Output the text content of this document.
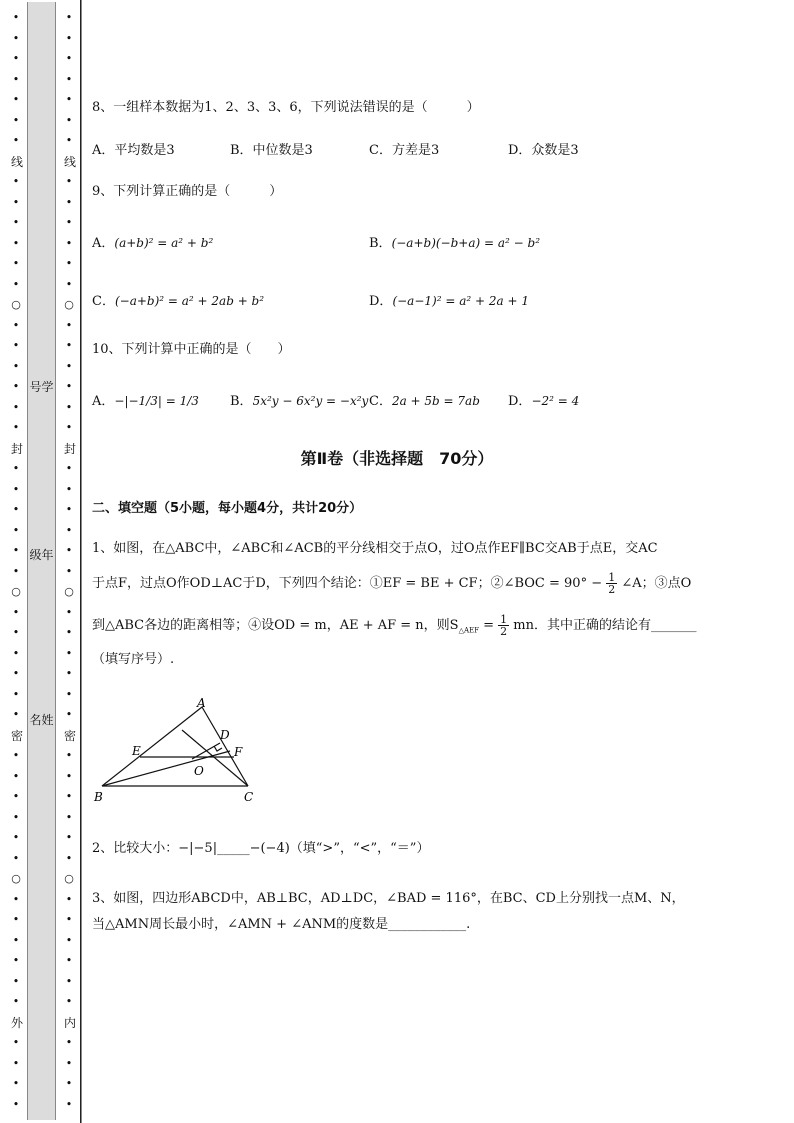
•
•
•
•
•
•
•
线
•
•
•
•
•
•
○
•
•
•
•
•
•
封
•
•
•
•
•
•
○
•
•
•
•
•
•
密
•
•
•
•
•
•
○
•
•
•
•
•
•
外
•
•
•
•
号学
级年
名姓
•
•
•
•
•
•
•
线
•
•
•
•
•
•
○
•
•
•
•
•
•
封
•
•
•
•
•
•
○
•
•
•
•
•
•
密
•
•
•
•
•
•
○
•
•
•
•
•
•
内
•
•
•
•
8、一组样本数据为1、2、3、3、6，下列说法错误的是（　　　）
A．平均数是3	B．中位数是3	C．方差是3	D．众数是3
9、下列计算正确的是（　　　）
A．(a+b)² = a² + b²	B．(−a+b)(−b+a) = a² − b²
C．(−a+b)² = a² + 2ab + b²	D．(−a−1)² = a² + 2a + 1
10、下列计算中正确的是（　　）
A．−|−1/3| = 1/3 B．5x²y − 6x²y = −x²y C．2a + 5b = 7ab D．−2² = 4
第Ⅱ卷（非选择题　70分）
二、填空题（5小题，每小题4分，共计20分）
1、如图，在△ABC中，∠ABC和∠ACB的平分线相交于点O，过O点作EF∥BC交AB于点E，交AC
于点F，过点O作OD⊥AC于D，下列四个结论：①EF = BE + CF；②∠BOC = $90^\circ - \frac{1}{2}$ ∠A；③点O
到△ABC各边的距离相等；④设OD = m，AE + AF = n，则$S_{\triangle AEF} = \frac{1}{2}$ mn．其中正确的结论有_______
（填写序号）.
A
B	C
D
E	F
O
2、比较大小：−|−5|_____−(−4)（填“>”，“<”，“＝”）
3、如图，四边形ABCD中，AB⊥BC，AD⊥DC，∠BAD = 116°，在BC、CD上分别找一点M、N，
当△AMN周长最小时，∠AMN + ∠ANM的度数是____________.
